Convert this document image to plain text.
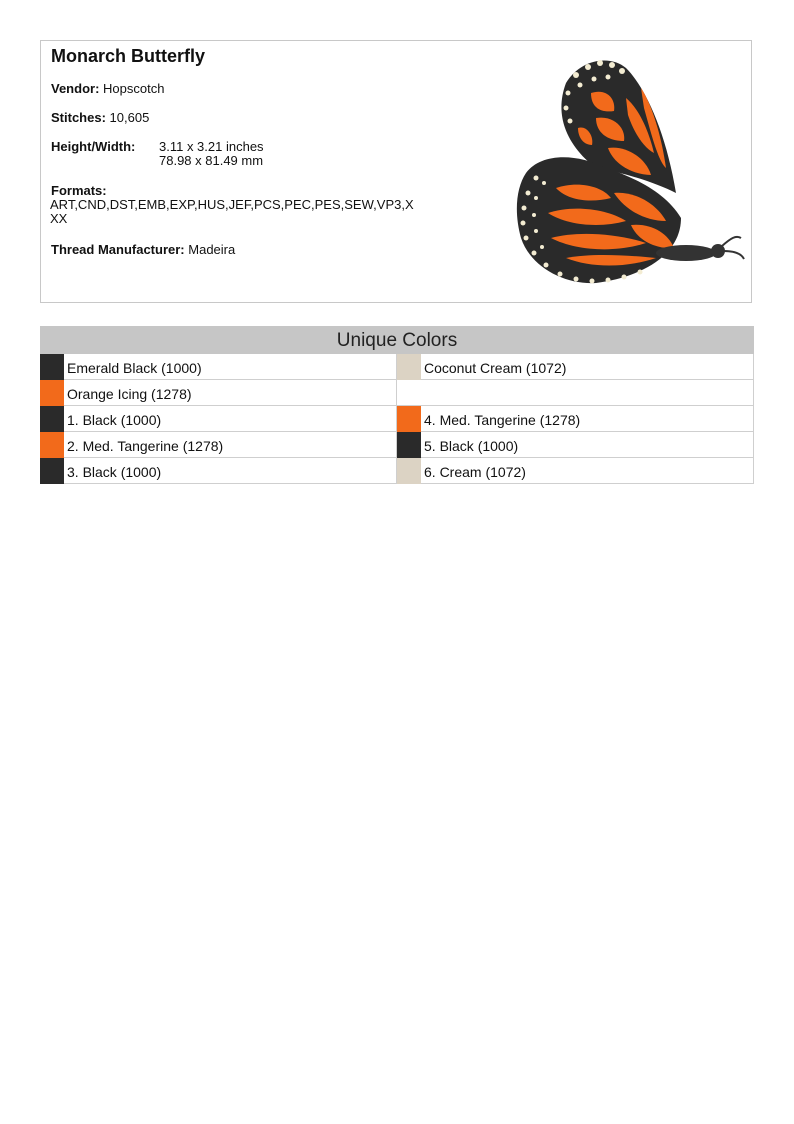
Monarch Butterfly
Vendor: Hopscotch
Stitches: 10,605
Height/Width: 3.11 x 3.21 inches
78.98 x 81.49 mm
Formats:
ART,CND,DST,EMB,EXP,HUS,JEF,PCS,PEC,PES,SEW,VP3,X
XX
Thread Manufacturer: Madeira
Unique Colors
Emerald Black (1000)	Coconut Cream (1072)
Orange Icing (1278)
1. Black (1000)	4. Med. Tangerine (1278)
2. Med. Tangerine (1278)	5. Black (1000)
3. Black (1000)	6. Cream (1072)
